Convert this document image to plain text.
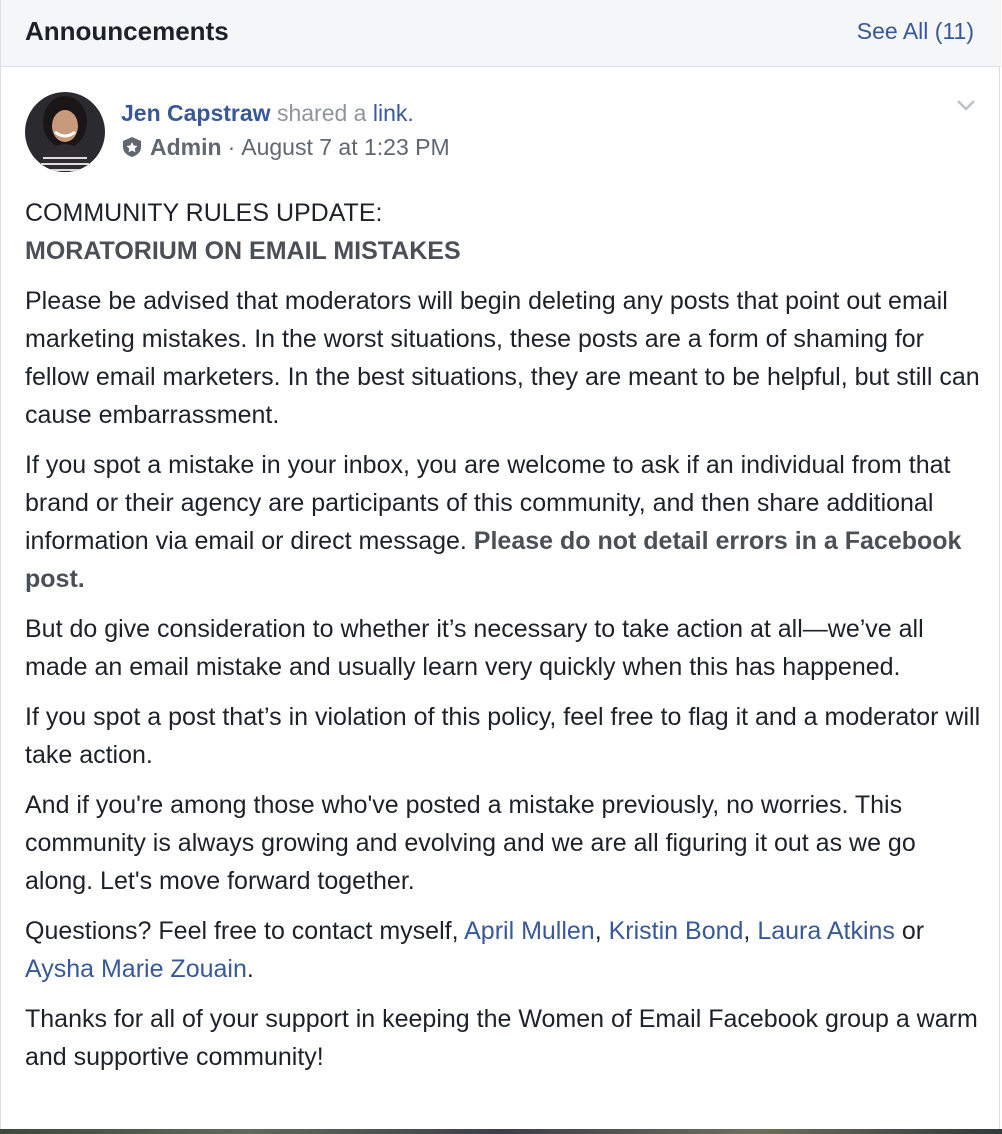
Announcements	See All (11)
Jen Capstraw shared a link.
Admin · August 7 at 1:23 PM

COMMUNITY RULES UPDATE:
MORATORIUM ON EMAIL MISTAKES

Please be advised that moderators will begin deleting any posts that point out email marketing mistakes. In the worst situations, these posts are a form of shaming for fellow email marketers. In the best situations, they are meant to be helpful, but still can cause embarrassment.

If you spot a mistake in your inbox, you are welcome to ask if an individual from that brand or their agency are participants of this community, and then share additional information via email or direct message. Please do not detail errors in a Facebook post.

But do give consideration to whether it’s necessary to take action at all—we’ve all made an email mistake and usually learn very quickly when this has happened.

If you spot a post that’s in violation of this policy, feel free to flag it and a moderator will take action.

And if you're among those who've posted a mistake previously, no worries. This community is always growing and evolving and we are all figuring it out as we go along. Let's move forward together.

Questions? Feel free to contact myself, April Mullen, Kristin Bond, Laura Atkins or Aysha Marie Zouain.

Thanks for all of your support in keeping the Women of Email Facebook group a warm and supportive community!
